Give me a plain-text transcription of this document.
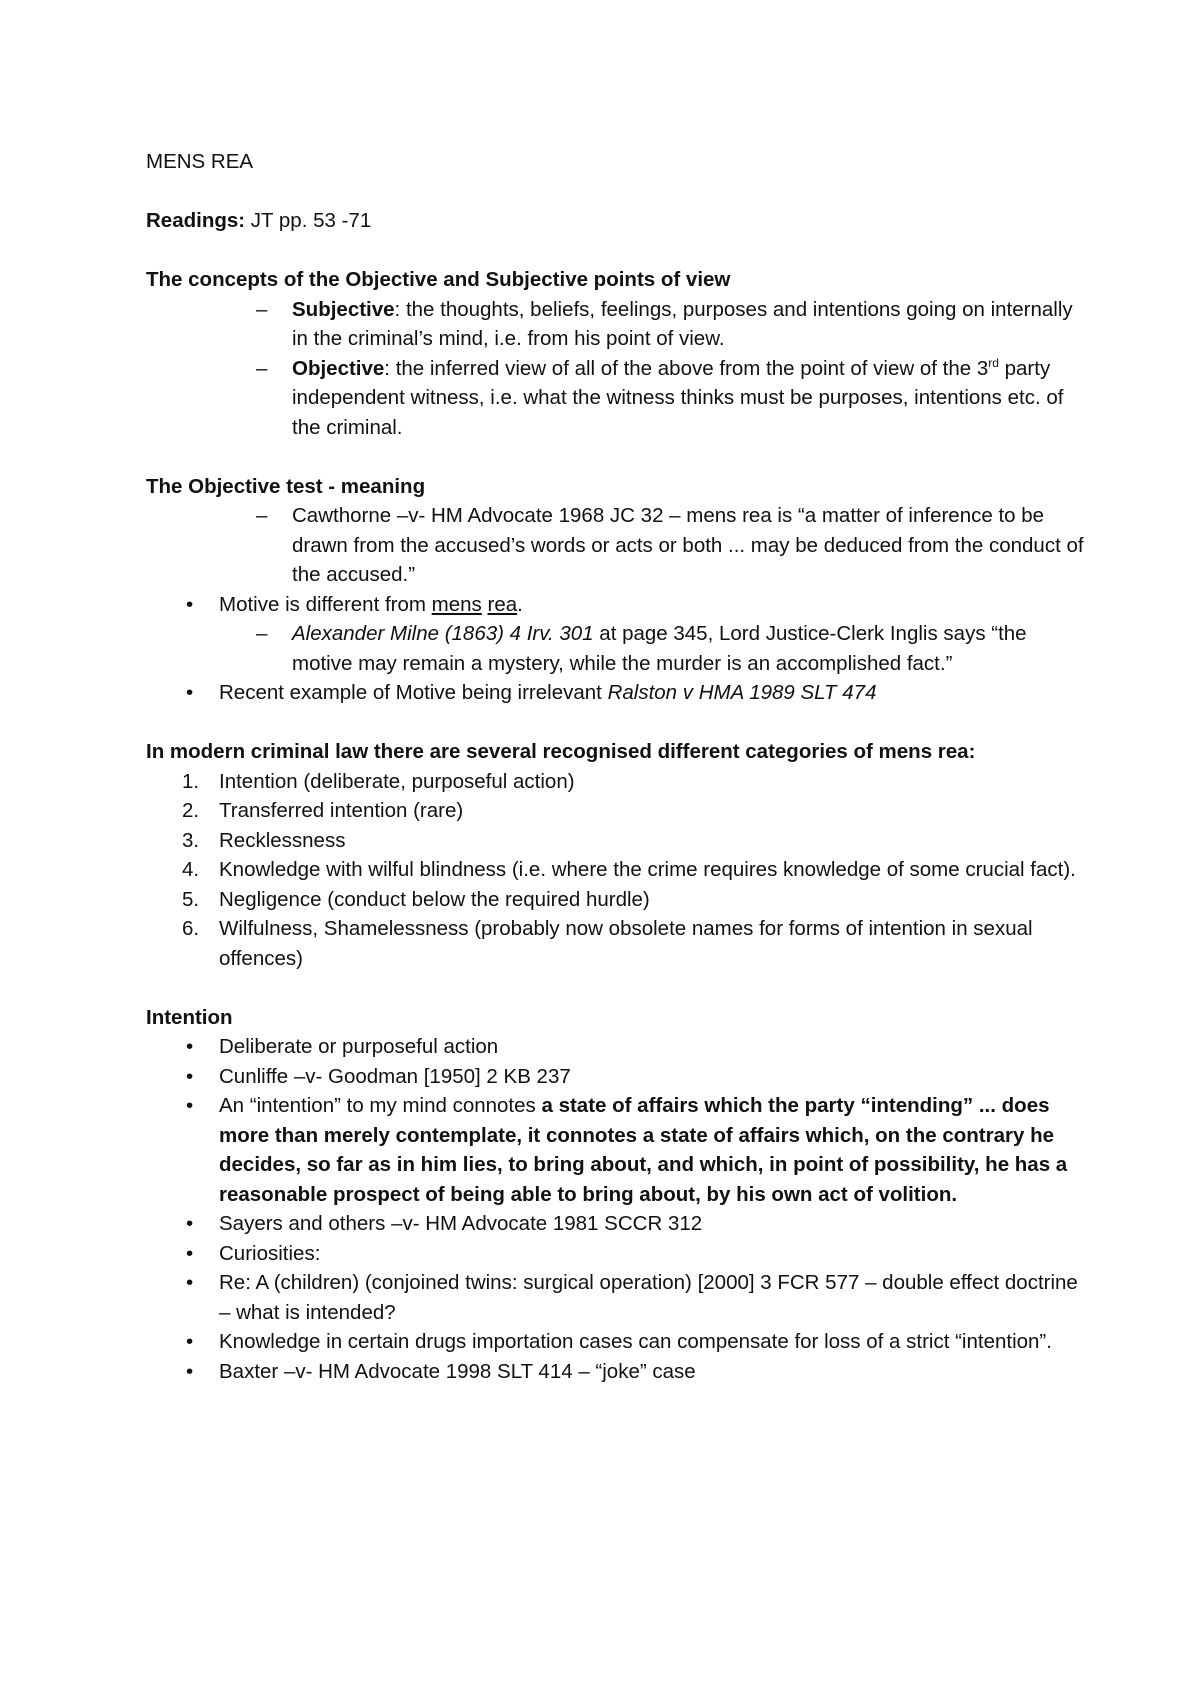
MENS REA

Readings: JT pp. 53 -71

The concepts of the Objective and Subjective points of view

–	Subjective: the thoughts, beliefs, feelings, purposes and intentions going on internally in the criminal’s mind, i.e. from his point of view.

–	Objective: the inferred view of all of the above from the point of view of the 3rd party independent witness, i.e. what the witness thinks must be purposes, intentions etc. of the criminal.

The Objective test - meaning

–	Cawthorne –v- HM Advocate 1968 JC 32 – mens rea is “a matter of inference to be drawn from the accused’s words or acts or both ... may be deduced from the conduct of the accused.”

•	Motive is different from mens rea.

–	Alexander Milne (1863) 4 Irv. 301 at page 345, Lord Justice-Clerk Inglis says “the motive may remain a mystery, while the murder is an accomplished fact.”

•	Recent example of Motive being irrelevant Ralston v HMA 1989 SLT 474

In modern criminal law there are several recognised different categories of mens rea:

1. Intention (deliberate, purposeful action)

2. Transferred intention (rare)

3. Recklessness

4. Knowledge with wilful blindness (i.e. where the crime requires knowledge of some crucial fact).

5. Negligence (conduct below the required hurdle)

6. Wilfulness, Shamelessness (probably now obsolete names for forms of intention in sexual offences)

Intention

•	Deliberate or purposeful action

•	Cunliffe –v- Goodman [1950] 2 KB 237

•	An “intention” to my mind connotes a state of affairs which the party “intending” ... does more than merely contemplate, it connotes a state of affairs which, on the contrary he decides, so far as in him lies, to bring about, and which, in point of possibility, he has a reasonable prospect of being able to bring about, by his own act of volition.

•	Sayers and others –v- HM Advocate 1981 SCCR 312

•	Curiosities:

•	Re: A (children) (conjoined twins: surgical operation) [2000] 3 FCR 577 – double effect doctrine – what is intended?

•	Knowledge in certain drugs importation cases can compensate for loss of a strict “intention”.

•	Baxter –v- HM Advocate 1998 SLT 414 – “joke” case
